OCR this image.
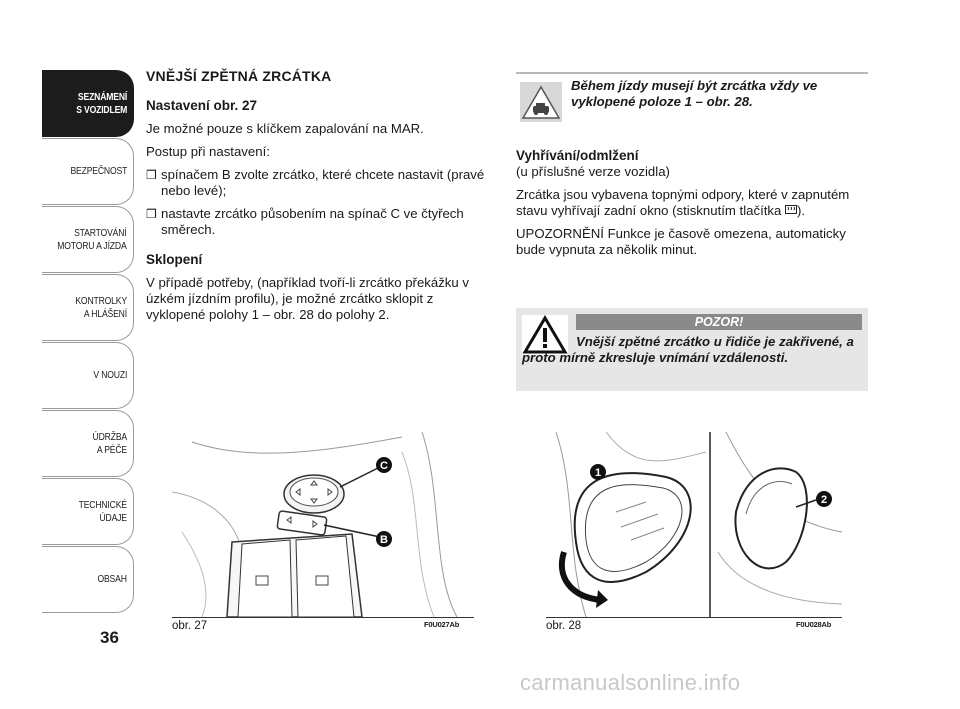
SEZNÁMENÍ
S VOZIDLEM
BEZPEČNOST
STARTOVÁNÍ
MOTORU A JÍZDA
KONTROLKY
A HLÁŠENÍ
V NOUZI
ÚDRŽBA
A PÉČE
TECHNICKÉ
ÚDAJE
OBSAH
36
VNĚJŠÍ ZPĚTNÁ ZRCÁTKA
Nastavení obr. 27

Je možné pouze s klíčkem zapalování na MAR.

Postup při nastavení:

❒ spínačem B zvolte zrcátko, které chcete nastavit (pravé nebo levé);
❒ nastavte zrcátko působením na spínač C ve čtyřech směrech.
Sklopení

V případě potřeby, (například tvoří-li zrcátko překážku v úzkém jízdním profilu), je možné zrcátko sklopit z vyklopené polohy 1 – obr. 28 do polohy 2.

Během jízdy musejí být zrcátka vždy ve vyklopené poloze 1 – obr. 28.
Vyhřívání/odmlžení

(u příslušné verze vozidla)

Zrcátka jsou vybavena topnými odpory, které v zapnutém stavu vyhřívají zadní okno (stisknutím tlačítka ).

UPOZORNĚNÍ Funkce je časově omezena, automaticky bude vypnuta za několik minut.

POZOR!
Vnější zpětné zrcátko u řidiče je zakřivené, a proto mírně zkresluje vnímání vzdálenosti.
C
B
obr. 27	F0U027Ab
1
2
obr. 28	F0U028Ab
carmanualsonline.info
